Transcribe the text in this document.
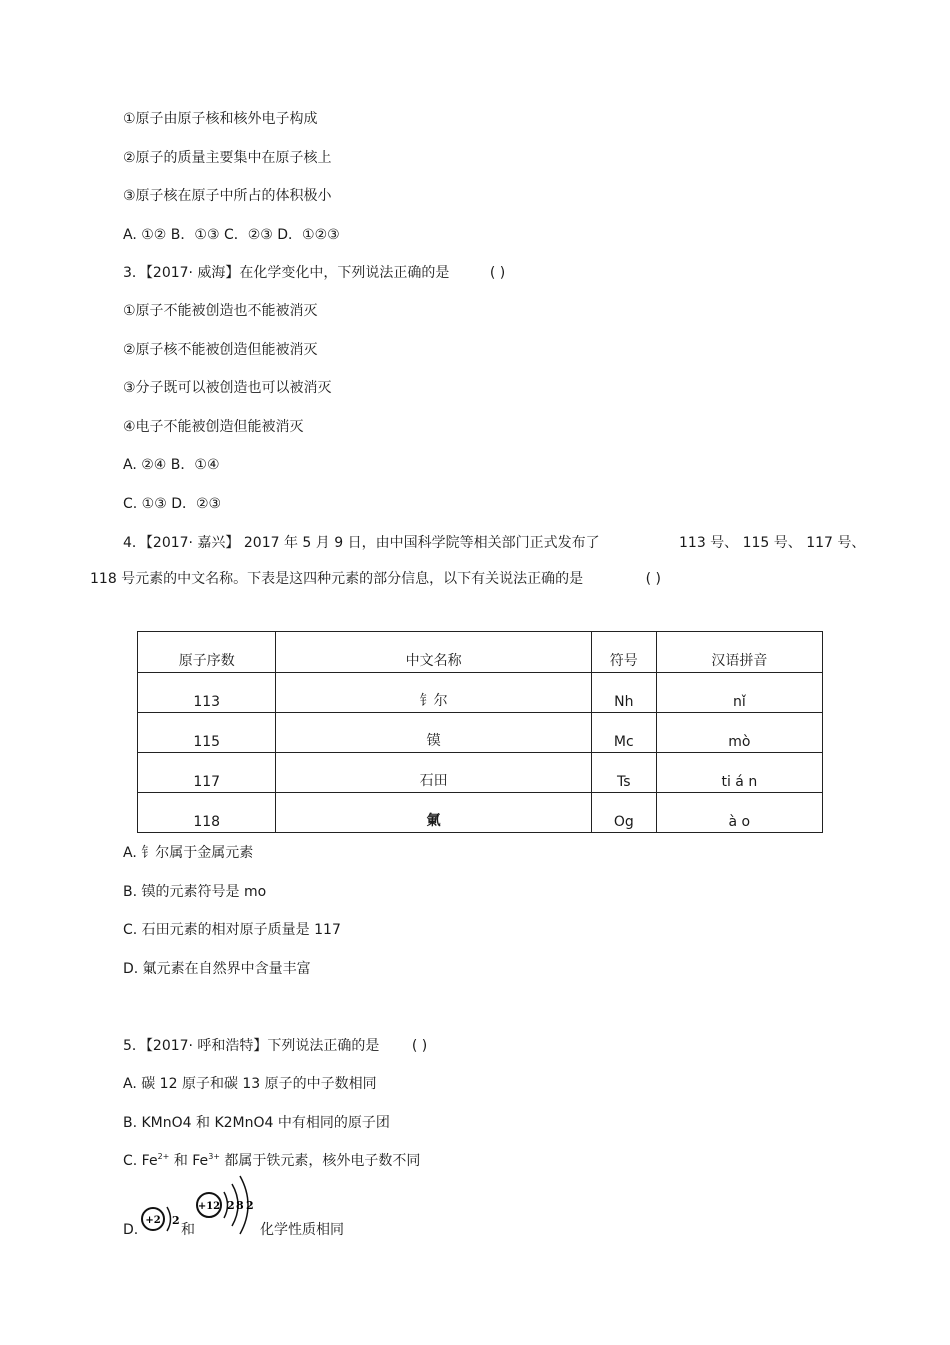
①原子由原子核和核外电子构成
②原子的质量主要集中在原子核上
③原子核在原子中所占的体积极小
A. ①② B．①③ C．②③ D．①②③
3．【2017· 威海】在化学变化中，下列说法正确的是	( )
①原子不能被创造也不能被消灭
②原子核不能被创造但能被消灭
③分子既可以被创造也可以被消灭
④电子不能被创造但能被消灭
A. ②④ B．①④
C. ①③ D．②③
4．【2017· 嘉兴】 2017 年 5 月 9 日，由中国科学院等相关部门正式发布了	113 号、 115 号、 117 号、
118 号元素的中文名称。下表是这四种元素的部分信息，以下有关说法正确的是	( )
原子序数	中文名称	符号	汉语拼音
113	钅尔	Nh	nǐ
115	镆	Mc	mò
117	石田	Ts	ti á n
118	氭	Og	à o
A. 钅尔属于金属元素
B. 镆的元素符号是 mo
C. 石田元素的相对原子质量是 117
D. 氭元素在自然界中含量丰富
5．【2017· 呼和浩特】下列说法正确的是 ( )
A. 碳 12 原子和碳 13 原子的中子数相同
B. KMnO4 和 K2MnO4 中有相同的原子团
C. $Fe^{2+}$ 和 $Fe^{3+}$ 都属于铁元素，核外电子数不同
D.
+2 2
和
+12 2 8 2
化学性质相同
